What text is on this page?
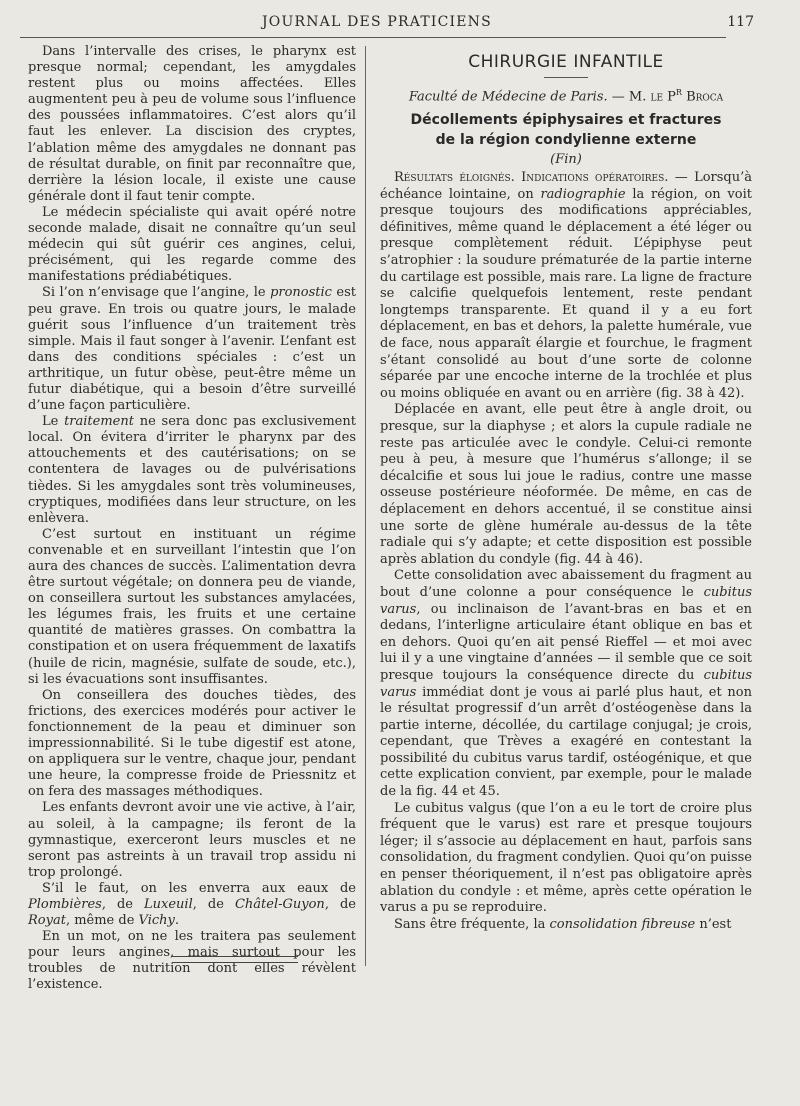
JOURNAL DES PRATICIENS	117

Dans l’intervalle des crises, le pharynx est presque normal; cependant, les amygdales restent plus ou moins affectées. Elles augmentent peu à peu de volume sous l’influence des poussées inflammatoires. C’est alors qu’il faut les enlever. La discision des cryptes, l’ablation même des amygdales ne donnant pas de résultat durable, on finit par reconnaître que, derrière la lésion locale, il existe une cause générale dont il faut tenir compte.

Le médecin spécialiste qui avait opéré notre seconde malade, disait ne connaître qu’un seul médecin qui sût guérir ces angines, celui, précisément, qui les regarde comme des manifestations prédiabétiques.

Si l’on n’envisage que l’angine, le pronostic est peu grave. En trois ou quatre jours, le malade guérit sous l’influence d’un traitement très simple. Mais il faut songer à l’avenir. L’enfant est dans des conditions spéciales : c’est un arthritique, un futur obèse, peut-être même un futur diabétique, qui a besoin d’être surveillé d’une façon particulière.

Le traitement ne sera donc pas exclusivement local. On évitera d’irriter le pharynx par des attouchements et des cautérisations; on se contentera de lavages ou de pulvérisations tièdes. Si les amygdales sont très volumineuses, cryptiques, modifiées dans leur structure, on les enlèvera.

C’est surtout en instituant un régime convenable et en surveillant l’intestin que l’on aura des chances de succès. L’alimentation devra être surtout végétale; on donnera peu de viande, on conseillera surtout les substances amylacées, les légumes frais, les fruits et une certaine quantité de matières grasses. On combattra la constipation et on usera fréquemment de laxatifs (huile de ricin, magnésie, sulfate de soude, etc.), si les évacuations sont insuffisantes.

On conseillera des douches tièdes, des frictions, des exercices modérés pour activer le fonctionnement de la peau et diminuer son impressionnabilité. Si le tube digestif est atone, on appliquera sur le ventre, chaque jour, pendant une heure, la compresse froide de Priessnitz et on fera des massages méthodiques.

Les enfants devront avoir une vie active, à l’air, au soleil, à la campagne; ils feront de la gymnastique, exerceront leurs muscles et ne seront pas astreints à un travail trop assidu ni trop prolongé.

S’il le faut, on les enverra aux eaux de Plombières, de Luxeuil, de Châtel-Guyon, de Royat, même de Vichy.

En un mot, on ne les traitera pas seulement pour leurs angines, mais surtout pour les troubles de nutrition dont elles révèlent l’existence.

CHIRURGIE INFANTILE
Faculté de Médecine de Paris. — M. le $P^r$ Broca
Décollements épiphysaires et fractures
de la région condylienne externe
(Fin)

Résultats éloignés. Indications opératoires. — Lorsqu’à échéance lointaine, on radiographie la région, on voit presque toujours des modifications appréciables, définitives, même quand le déplacement a été léger ou presque complètement réduit. L’épiphyse peut s’atrophier : la soudure prématurée de la partie interne du cartilage est possible, mais rare. La ligne de fracture se calcifie quelquefois lentement, reste pendant longtemps transparente. Et quand il y a eu fort déplacement, en bas et dehors, la palette humérale, vue de face, nous apparaît élargie et fourchue, le fragment s’étant consolidé au bout d’une sorte de colonne séparée par une encoche interne de la trochlée et plus ou moins obliquée en avant ou en arrière (fig. 38 à 42).

Déplacée en avant, elle peut être à angle droit, ou presque, sur la diaphyse ; et alors la cupule radiale ne reste pas articulée avec le condyle. Celui-ci remonte peu à peu, à mesure que l’humérus s’allonge; il se décalcifie et sous lui joue le radius, contre une masse osseuse postérieure néoformée. De même, en cas de déplacement en dehors accentué, il se constitue ainsi une sorte de glène humérale au-dessus de la tête radiale qui s’y adapte; et cette disposition est possible après ablation du condyle (fig. 44 à 46).

Cette consolidation avec abaissement du fragment au bout d’une colonne a pour conséquence le cubitus varus, ou inclinaison de l’avant-bras en bas et en dedans, l’interligne articulaire étant oblique en bas et en dehors. Quoi qu’en ait pensé Rieffel — et moi avec lui il y a une vingtaine d’années — il semble que ce soit presque toujours la conséquence directe du cubitus varus immédiat dont je vous ai parlé plus haut, et non le résultat progressif d’un arrêt d’ostéogenèse dans la partie interne, décollée, du cartilage conjugal; je crois, cependant, que Trèves a exagéré en contestant la possibilité du cubitus varus tardif, ostéogénique, et que cette explication convient, par exemple, pour le malade de la fig. 44 et 45.

Le cubitus valgus (que l’on a eu le tort de croire plus fréquent que le varus) est rare et presque toujours léger; il s’associe au déplacement en haut, parfois sans consolidation, du fragment condylien. Quoi qu’on puisse en penser théoriquement, il n’est pas obligatoire après ablation du condyle : et même, après cette opération le varus a pu se reproduire.

Sans être fréquente, la consolidation fibreuse n’est
